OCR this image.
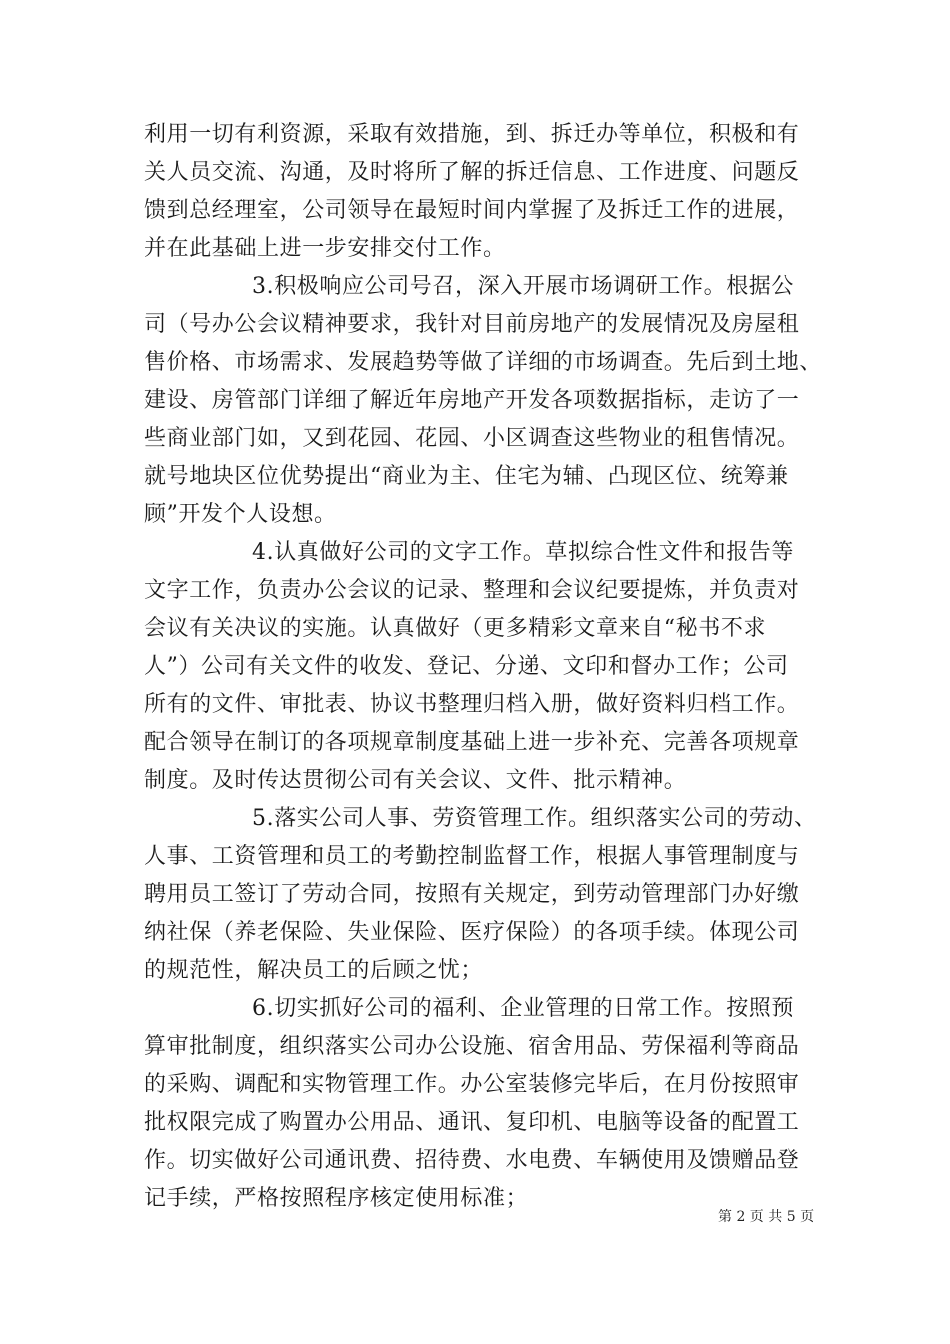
利用一切有利资源，采取有效措施，到、拆迁办等单位，积极和有
关人员交流、沟通，及时将所了解的拆迁信息、工作进度、问题反
馈到总经理室，公司领导在最短时间内掌握了及拆迁工作的进展，
并在此基础上进一步安排交付工作。
3.积极响应公司号召，深入开展市场调研工作。根据公
司（号办公会议精神要求，我针对目前房地产的发展情况及房屋租
售价格、市场需求、发展趋势等做了详细的市场调查。先后到土地、
建设、房管部门详细了解近年房地产开发各项数据指标，走访了一
些商业部门如，又到花园、花园、小区调查这些物业的租售情况。
就号地块区位优势提出“商业为主、住宅为辅、凸现区位、统筹兼
顾”开发个人设想。
4.认真做好公司的文字工作。草拟综合性文件和报告等
文字工作，负责办公会议的记录、整理和会议纪要提炼，并负责对
会议有关决议的实施。认真做好（更多精彩文章来自“秘书不求
人”）公司有关文件的收发、登记、分递、文印和督办工作；公司
所有的文件、审批表、协议书整理归档入册，做好资料归档工作。
配合领导在制订的各项规章制度基础上进一步补充、完善各项规章
制度。及时传达贯彻公司有关会议、文件、批示精神。
5.落实公司人事、劳资管理工作。组织落实公司的劳动、
人事、工资管理和员工的考勤控制监督工作，根据人事管理制度与
聘用员工签订了劳动合同，按照有关规定，到劳动管理部门办好缴
纳社保（养老保险、失业保险、医疗保险）的各项手续。体现公司
的规范性，解决员工的后顾之忧；
6.切实抓好公司的福利、企业管理的日常工作。按照预
算审批制度，组织落实公司办公设施、宿舍用品、劳保福利等商品
的采购、调配和实物管理工作。办公室装修完毕后，在月份按照审
批权限完成了购置办公用品、通讯、复印机、电脑等设备的配置工
作。切实做好公司通讯费、招待费、水电费、车辆使用及馈赠品登
记手续，严格按照程序核定使用标准；
第 2 页 共 5 页
